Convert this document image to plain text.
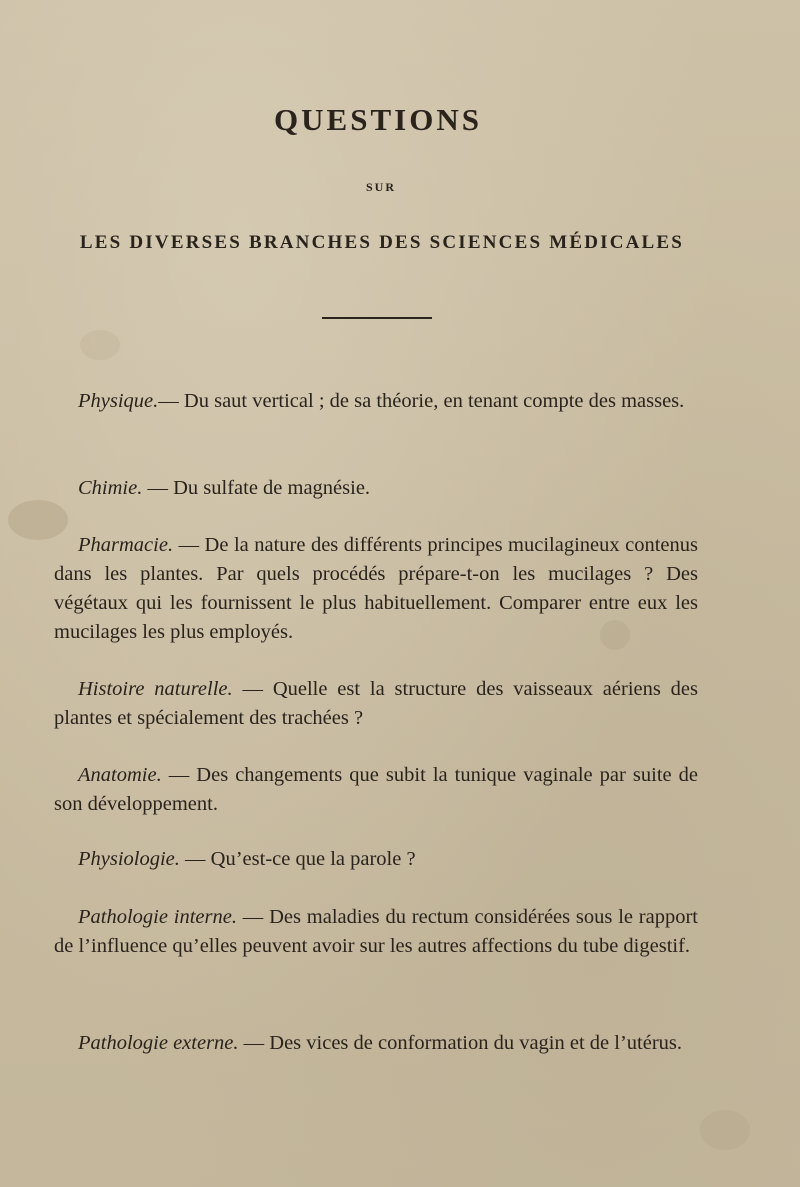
QUESTIONS
SUR
LES DIVERSES BRANCHES DES SCIENCES MÉDICALES

Physique.— Du saut vertical ; de sa théorie, en tenant compte des masses.

Chimie. — Du sulfate de magnésie.

Pharmacie. — De la nature des différents principes mucilagineux contenus dans les plantes. Par quels procédés prépare-t-on les mucilages ? Des végétaux qui les fournissent le plus habituellement. Comparer entre eux les mucilages les plus employés.

Histoire naturelle. — Quelle est la structure des vaisseaux aériens des plantes et spécialement des trachées ?

Anatomie. — Des changements que subit la tunique vaginale par suite de son développement.

Physiologie. — Qu’est-ce que la parole ?

Pathologie interne. — Des maladies du rectum considérées sous le rapport de l’influence qu’elles peuvent avoir sur les autres affections du tube digestif.

Pathologie externe. — Des vices de conformation du vagin et de l’utérus.
